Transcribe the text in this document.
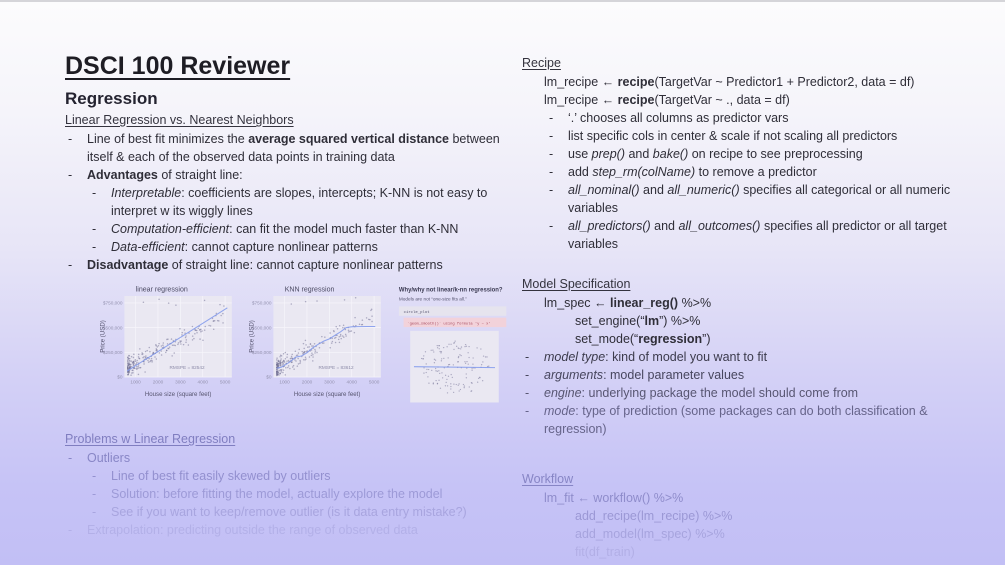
DSCI 100 Reviewer
Regression
Linear Regression vs. Nearest Neighbors
- Line of best fit minimizes the average squared vertical distance between itself & each of the observed data points in training data
- Advantages of straight line:
- Interpretable: coefficients are slopes, intercepts; K-NN is not easy to interpret w its wiggly lines
- Computation-efficient: can fit the model much faster than K-NN
- Data-efficient: cannot capture nonlinear patterns
- Disadvantage of straight line: cannot capture nonlinear patterns
linear regression
$0
$250,000
$500,000
$750,000
1000 2000 3000 4000 5000
RMSPE = 82542
House size (square feet)
Price (USD)
KNN regression
$0
$250,000
$500,000
$750,000
1000 2000 3000 4000 5000
RMSPE = 83612
House size (square feet)
Price (USD)
Why/why not linear/k-nn regression?
Models are not “one-size fits all.”
circle_plot
`geom_smooth()` using formula 'y ~ x'
Problems w Linear Regression
- Outliers
- Line of best fit easily skewed by outliers
- Solution: before fitting the model, actually explore the model
- See if you want to keep/remove outlier (is it data entry mistake?)
- Extrapolation: predicting outside the range of observed data
Recipe
lm_recipe ← recipe(TargetVar ~ Predictor1 + Predictor2, data = df)
lm_recipe ← recipe(TargetVar ~ ., data = df)
- ‘.’ chooses all columns as predictor vars
- list specific cols in center & scale if not scaling all predictors
- use prep() and bake() on recipe to see preprocessing
- add step_rm(colName) to remove a predictor
- all_nominal() and all_numeric() specifies all categorical or all numeric variables
- all_predictors() and all_outcomes() specifies all predictor or all target variables
Model Specification
lm_spec ← linear_reg() %>%
set_engine(“lm”) %>%
set_mode(“regression”)
- model type: kind of model you want to fit
- arguments: model parameter values
- engine: underlying package the model should come from
- mode: type of prediction (some packages can do both classification & regression)
Workflow
lm_fit ← workflow() %>%
add_recipe(lm_recipe) %>%
add_model(lm_spec) %>%
fit(df_train)
